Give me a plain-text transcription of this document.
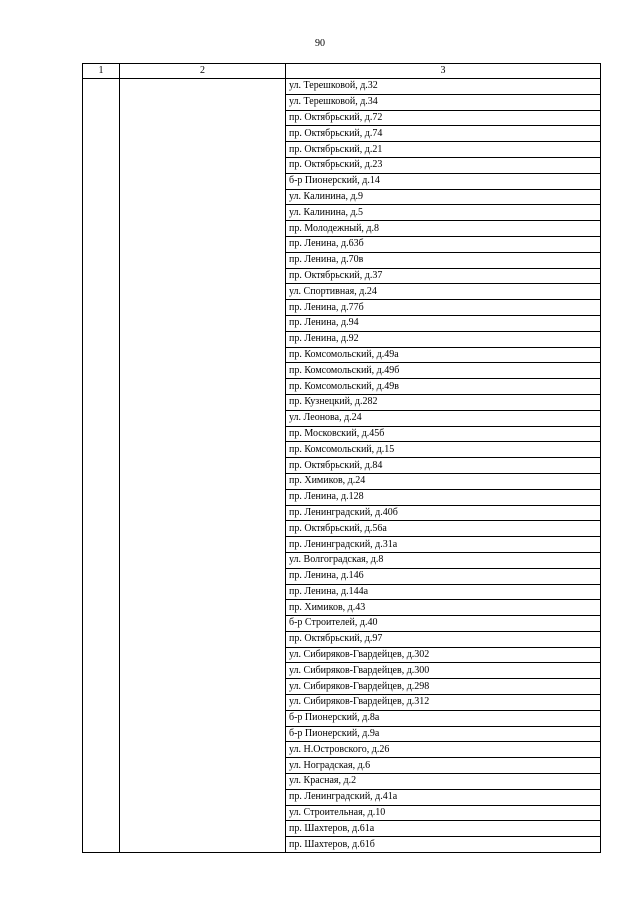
90
1	2	3
		ул. Терешковой, д.32
		ул. Терешковой, д.34
		пр. Октябрьский, д.72
		пр. Октябрьский, д.74
		пр. Октябрьский, д.21
		пр. Октябрьский, д.23
		б-р Пионерский, д.14
		ул. Калинина, д.9
		ул. Калинина, д.5
		пр. Молодежный, д.8
		пр. Ленина, д.63б
		пр. Ленина, д.70в
		пр. Октябрьский, д.37
		ул. Спортивная, д.24
		пр. Ленина, д.77б
		пр. Ленина, д.94
		пр. Ленина, д.92
		пр. Комсомольский, д.49а
		пр. Комсомольский, д.49б
		пр. Комсомольский, д.49в
		пр. Кузнецкий, д.282
		ул. Леонова, д.24
		пр. Московский, д.45б
		пр. Комсомольский, д.15
		пр. Октябрьский, д.84
		пр. Химиков, д.24
		пр. Ленина, д.128
		пр. Ленинградский, д.40б
		пр. Октябрьский, д.56а
		пр. Ленинградский, д.31а
		ул. Волгоградская, д.8
		пр. Ленина, д.146
		пр. Ленина, д.144а
		пр. Химиков, д.43
		б-р Строителей, д.40
		пр. Октябрьский, д.97
		ул. Сибиряков-Гвардейцев, д.302
		ул. Сибиряков-Гвардейцев, д.300
		ул. Сибиряков-Гвардейцев, д.298
		ул. Сибиряков-Гвардейцев, д.312
		б-р Пионерский, д.8а
		б-р Пионерский, д.9а
		ул. Н.Островского, д.26
		ул. Ноградская, д.6
		ул. Красная, д.2
		пр. Ленинградский, д.41а
		ул. Строительная, д.10
		пр. Шахтеров, д.61а
		пр. Шахтеров, д.61б
